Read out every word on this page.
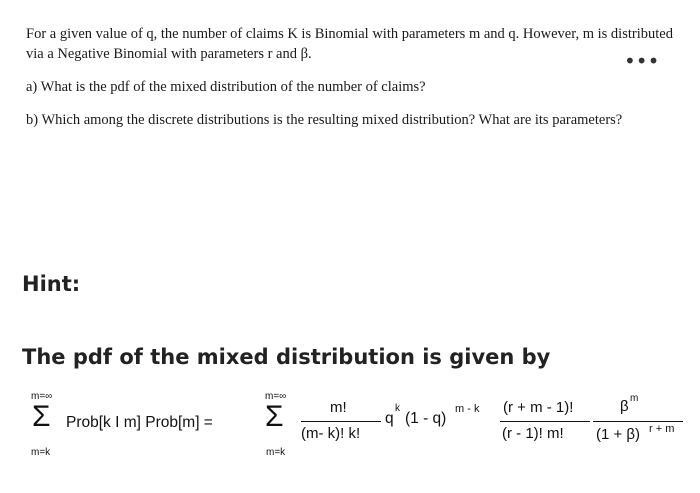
For a given value of q, the number of claims K is Binomial with parameters m and q. However, m is distributed via a Negative Binomial with parameters r and β.	•••
a) What is the pdf of the mixed distribution of the number of claims?
b) Which among the discrete distributions is the resulting mixed distribution? What are its parameters?
Hint:
The pdf of the mixed distribution is given by
m=∞
Σ
m=k
Prob[k I m] Prob[m] =
m=∞
Σ
m=k
m!
(m- k)! k!
q
k
(1 - q)
m - k (r + m - 1)!
(r - 1)! m!
β m
(1 + β) r + m
